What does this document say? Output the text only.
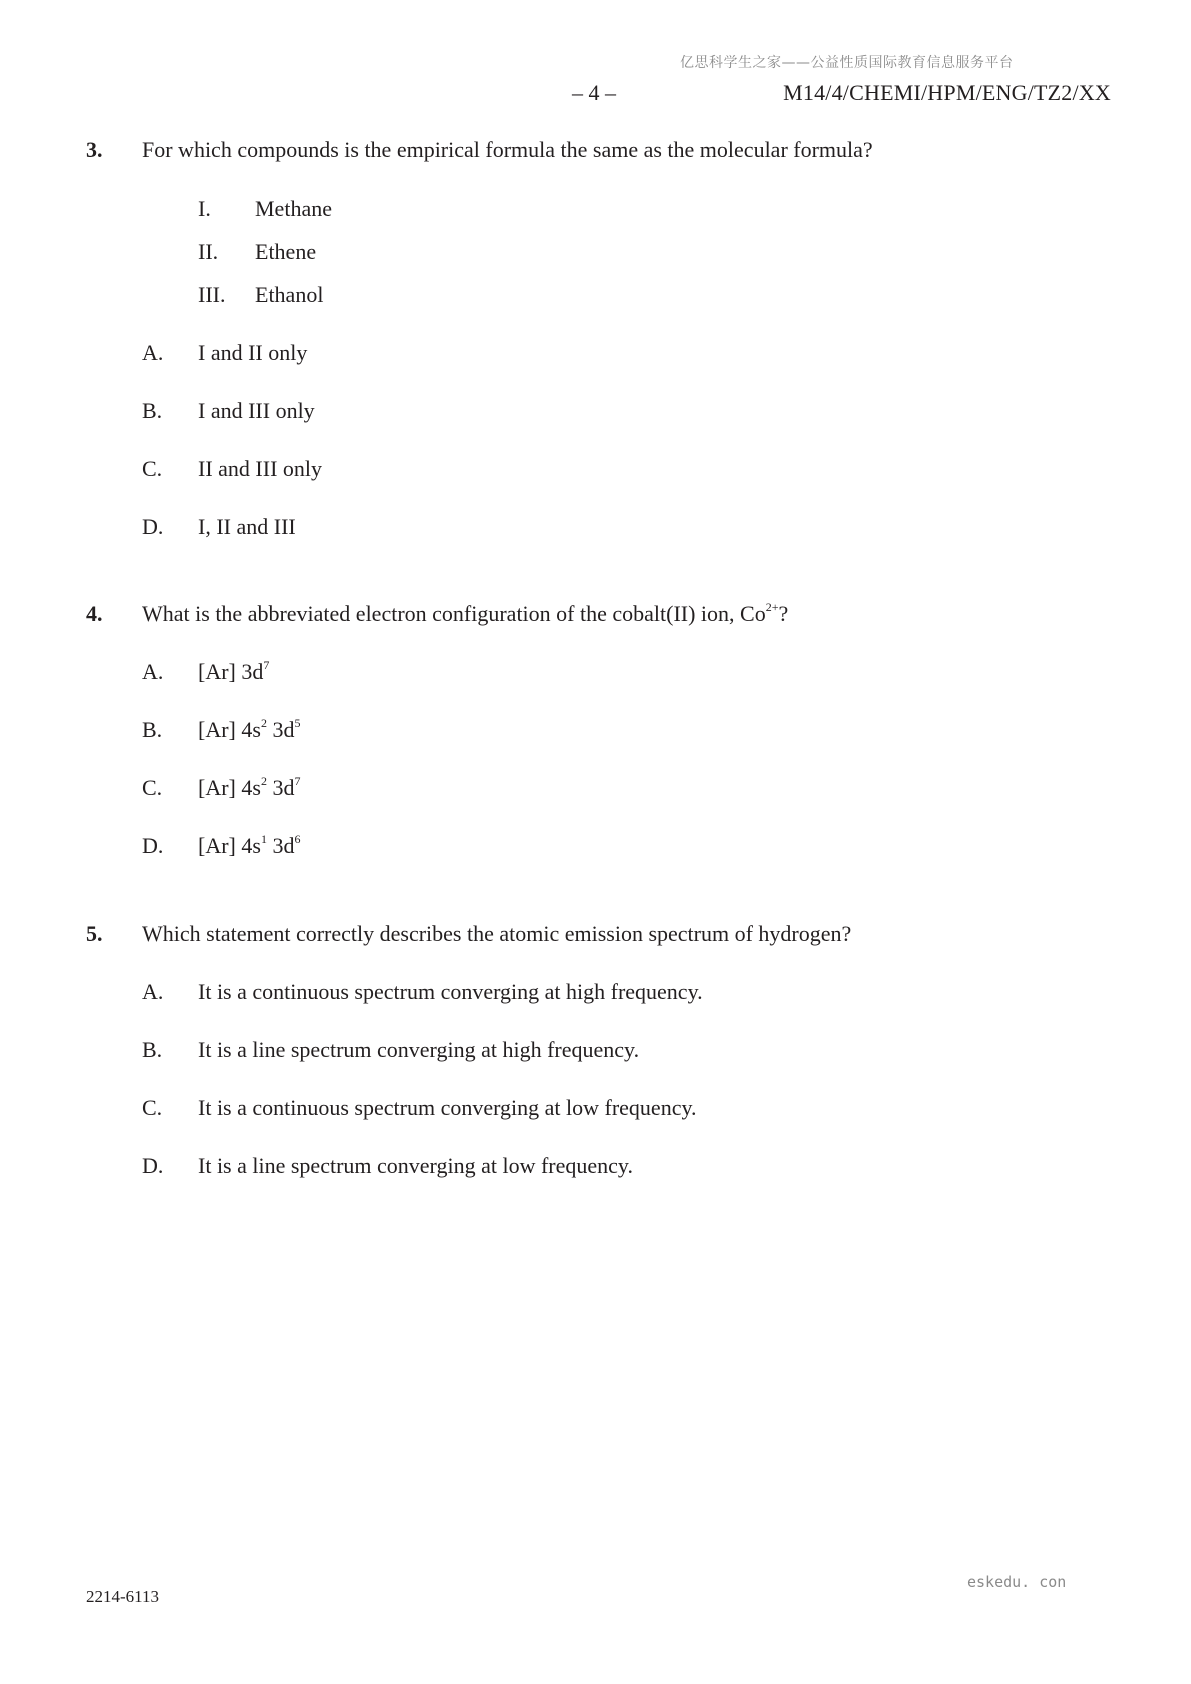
亿思科学生之家——公益性质国际教育信息服务平台
– 4 –	M14/4/CHEMI/HPM/ENG/TZ2/XX
3. For which compounds is the empirical formula the same as the molecular formula?
I. Methane
II. Ethene
III. Ethanol
A. I and II only
B. I and III only
C. II and III only
D. I, II and III
4. What is the abbreviated electron configuration of the cobalt(II) ion, $Co^{2+}$?
A. [Ar] $3d^7$
B. [Ar] $4s^2$ $3d^5$
C. [Ar] $4s^2$ $3d^7$
D. [Ar] $4s^1$ $3d^6$
5. Which statement correctly describes the atomic emission spectrum of hydrogen?
A. It is a continuous spectrum converging at high frequency.
B. It is a line spectrum converging at high frequency.
C. It is a continuous spectrum converging at low frequency.
D. It is a line spectrum converging at low frequency.
2214-6113
eskedu. con
